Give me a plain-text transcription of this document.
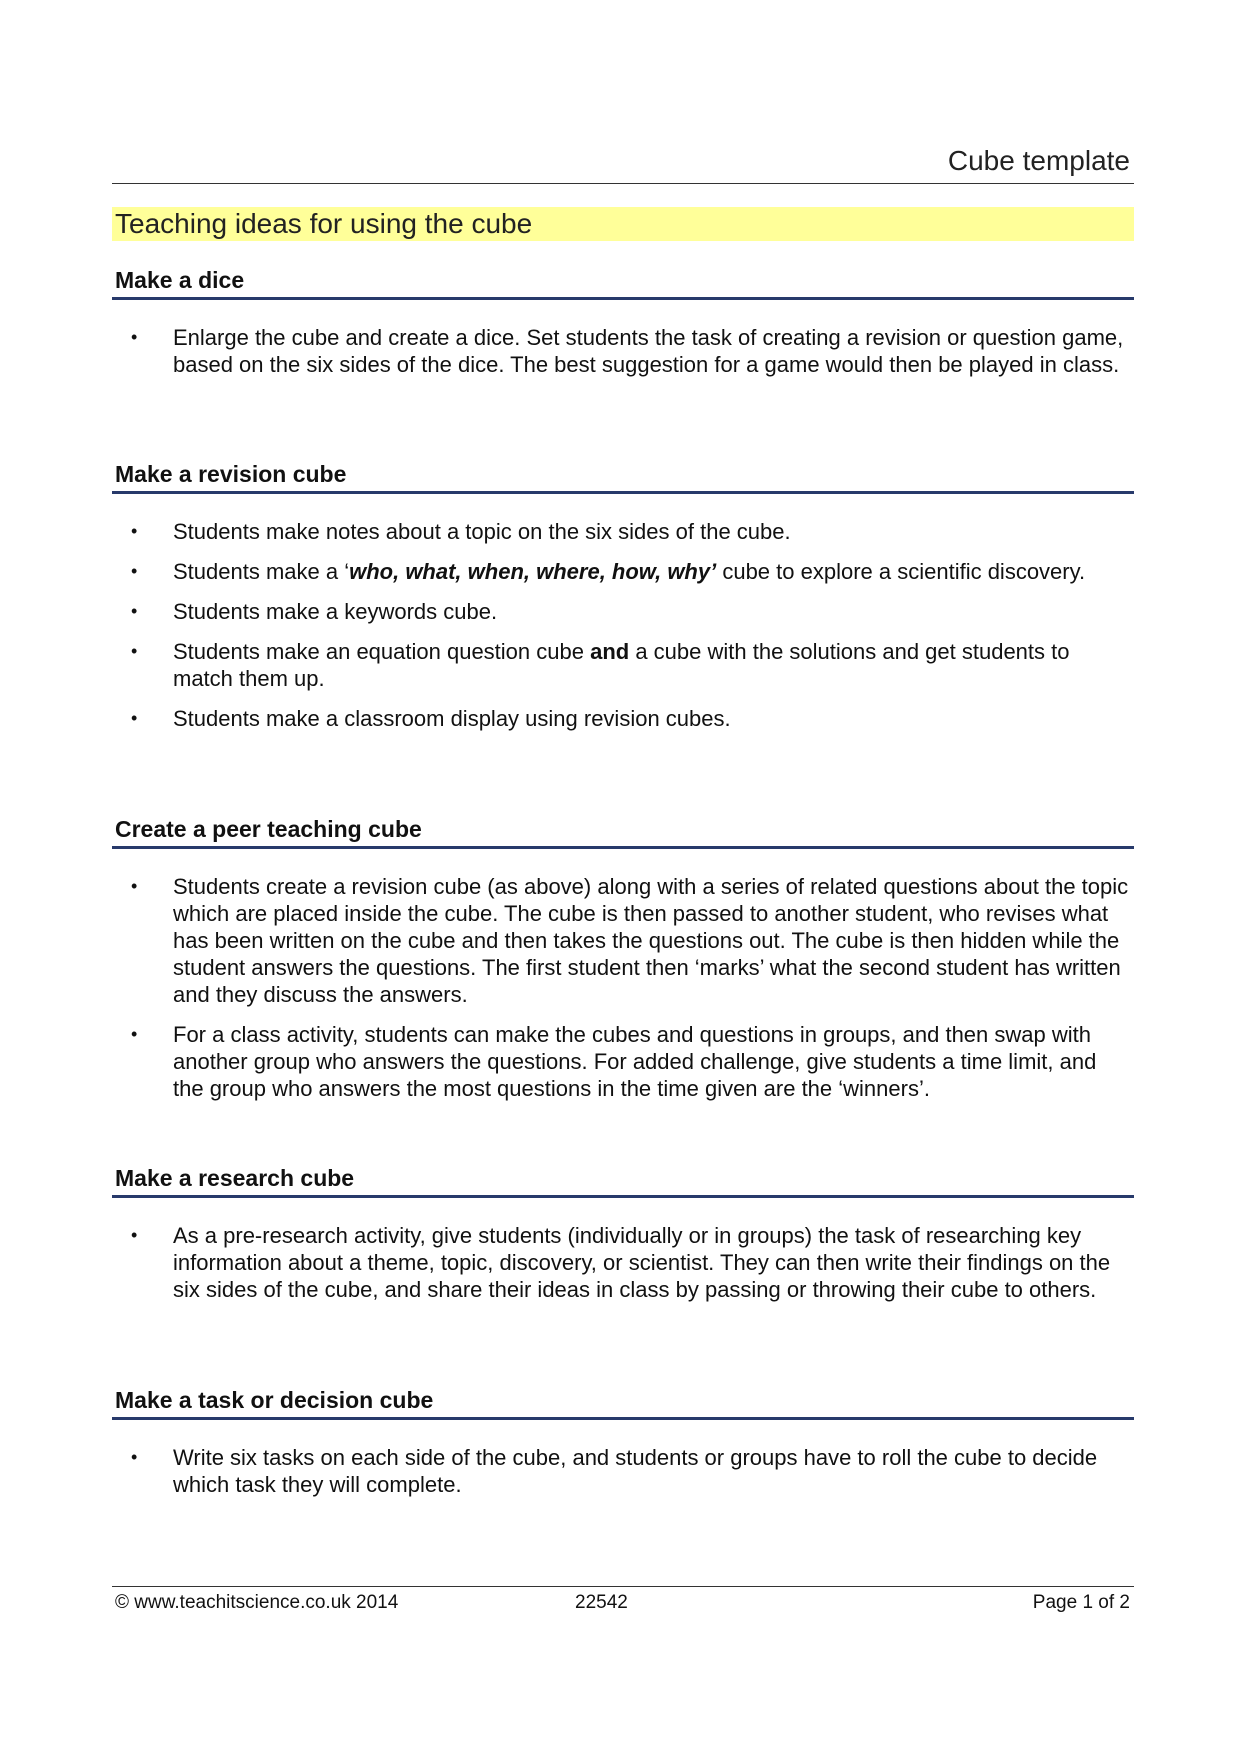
Cube template
Teaching ideas for using the cube
Make a dice
• Enlarge the cube and create a dice. Set students the task of creating a revision or question game, based on the six sides of the dice. The best suggestion for a game would then be played in class.
Make a revision cube
• Students make notes about a topic on the six sides of the cube.
• Students make a ‘who, what, when, where, how, why’ cube to explore a scientific discovery.
• Students make a keywords cube.
• Students make an equation question cube and a cube with the solutions and get students to match them up.
• Students make a classroom display using revision cubes.
Create a peer teaching cube
• Students create a revision cube (as above) along with a series of related questions about the topic which are placed inside the cube. The cube is then passed to another student, who revises what has been written on the cube and then takes the questions out. The cube is then hidden while the student answers the questions. The first student then ‘marks’ what the second student has written and they discuss the answers.
• For a class activity, students can make the cubes and questions in groups, and then swap with another group who answers the questions. For added challenge, give students a time limit, and the group who answers the most questions in the time given are the ‘winners’.
Make a research cube
• As a pre-research activity, give students (individually or in groups) the task of researching key information about a theme, topic, discovery, or scientist. They can then write their findings on the six sides of the cube, and share their ideas in class by passing or throwing their cube to others.
Make a task or decision cube
• Write six tasks on each side of the cube, and students or groups have to roll the cube to decide which task they will complete.
© www.teachitscience.co.uk 2014	22542	Page 1 of 2
